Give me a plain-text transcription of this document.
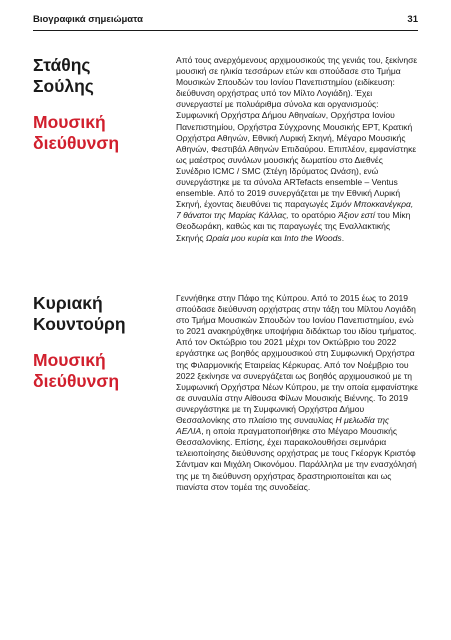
Βιογραφικά σημειώματα	31
Στάθης
Σούλης
Μουσική
διεύθυνση

Από τους ανερχόμενους αρχιμουσικούς της γενιάς του, ξεκίνησε μουσική σε ηλικία τεσσάρων ετών και σπούδασε στο Τμήμα Μουσικών Σπουδών του Ιονίου Πανεπιστημίου (ειδίκευση: διεύθυνση ορχήστρας υπό τον Μίλτο Λογιάδη). Έχει συνεργαστεί με πολυάριθμα σύνολα και οργανισμούς: Συμφωνική Ορχήστρα Δήμου Αθηναίων, Ορχήστρα Ιονίου Πανεπιστημίου, Ορχήστρα Σύγχρονης Μουσικής ΕΡΤ, Κρατική Ορχήστρα Αθηνών, Εθνική Λυρική Σκηνή, Μέγαρο Μουσικής Αθηνών, Φεστιβάλ Αθηνών Επιδαύρου. Επιπλέον, εμφανίστηκε ως μαέστρος συνόλων μουσικής δωματίου στο Διεθνές Συνέδριο ICMC / SMC (Στέγη Ιδρύματος Ωνάση), ενώ συνεργάστηκε με τα σύνολα ARTefacts ensemble – Ventus ensemble. Από το 2019 συνεργάζεται με την Εθνική Λυρική Σκηνή, έχοντας διευθύνει τις παραγωγές Σιμόν Μποκκανέγκρα, 7 θάνατοι της Μαρίας Κάλλας, το ορατόριο Άξιον εστί του Μίκη Θεοδωράκη, καθώς και τις παραγωγές της Εναλλακτικής Σκηνής Ωραία μου κυρία και Into the Woods.

Κυριακή
Κουντούρη
Μουσική
διεύθυνση

Γεννήθηκε στην Πάφο της Κύπρου. Από το 2015 έως το 2019 σπούδασε διεύθυνση ορχήστρας στην τάξη του Μίλτου Λογιάδη στο Τμήμα Μουσικών Σπουδών του Ιονίου Πανεπιστημίου, ενώ το 2021 ανακηρύχθηκε υποψήφια διδάκτωρ του ιδίου τμήματος. Από τον Οκτώβριο του 2021 μέχρι τον Οκτώβριο του 2022 εργάστηκε ως βοηθός αρχιμουσικού στη Συμφωνική Ορχήστρα της Φιλαρμονικής Εταιρείας Κέρκυρας. Από τον Νοέμβριο του 2022 ξεκίνησε να συνεργάζεται ως βοηθός αρχιμουσικού με τη Συμφωνική Ορχήστρα Νέων Κύπρου, με την οποία εμφανίστηκε σε συναυλία στην Αίθουσα Φίλων Μουσικής Βιέννης. Το 2019 συνεργάστηκε με τη Συμφωνική Ορχήστρα Δήμου Θεσσαλονίκης στο πλαίσιο της συναυλίας Η μελωδία της ΑΕΛΙΑ, η οποία πραγματοποιήθηκε στο Μέγαρο Μουσικής Θεσσαλονίκης. Επίσης, έχει παρακολουθήσει σεμινάρια τελειοποίησης διεύθυνσης ορχήστρας με τους Γκέοργκ Κριστόφ Σάντμαν και Μιχάλη Οικονόμου. Παράλληλα με την ενασχόλησή της με τη διεύθυνση ορχήστρας δραστηριοποιείται και ως πιανίστα στον τομέα της συνοδείας.
